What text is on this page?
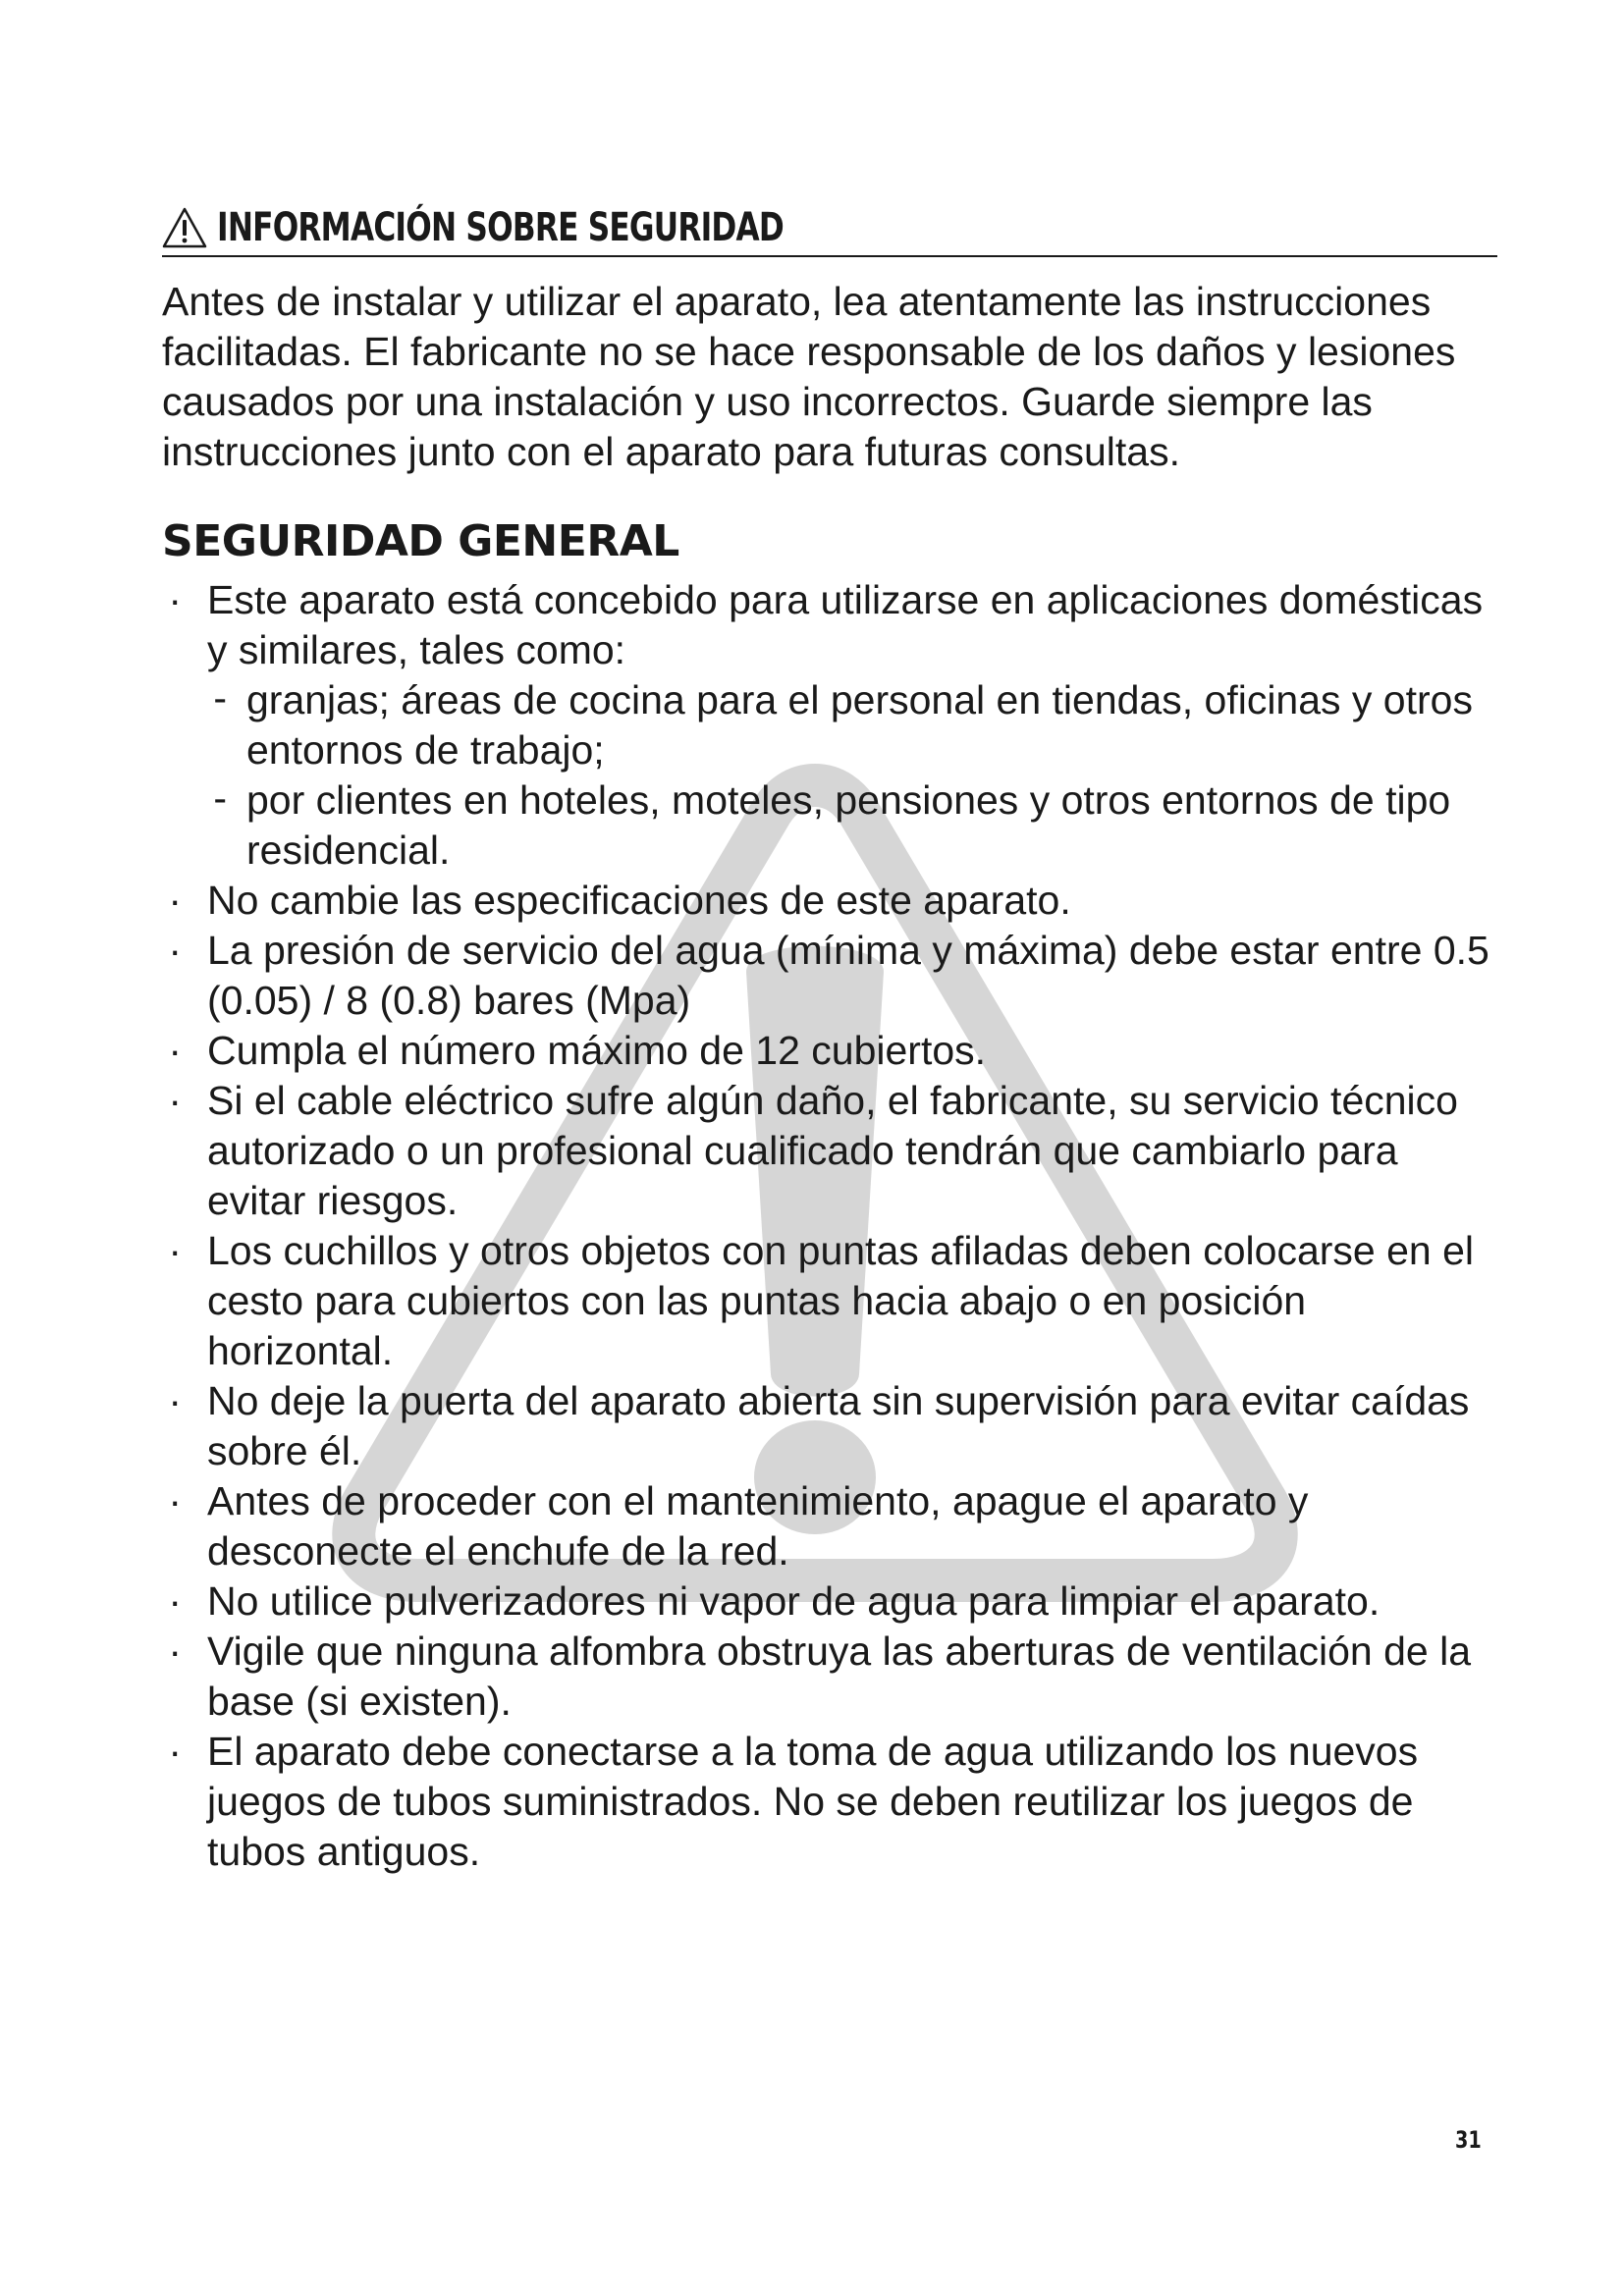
INFORMACIÓN SOBRE SEGURIDAD

Antes de instalar y utilizar el aparato, lea atentamente las instrucciones facilitadas. El fabricante no se hace responsable de los daños y lesiones causados por una instalación y uso incorrectos. Guarde siempre las instrucciones junto con el aparato para futuras consultas.

SEGURIDAD GENERAL
· Este aparato está concebido para utilizarse en aplicaciones domésticas y similares, tales como:
- granjas; áreas de cocina para el personal en tiendas, oficinas y otros entornos de trabajo;
- por clientes en hoteles, moteles, pensiones y otros entornos de tipo residencial.
· No cambie las especificaciones de este aparato.
· La presión de servicio del agua (mínima y máxima) debe estar entre 0.5 (0.05) / 8 (0.8) bares (Mpa)
· Cumpla el número máximo de 12 cubiertos.
· Si el cable eléctrico sufre algún daño, el fabricante, su servicio técnico autorizado o un profesional cualificado tendrán que cambiarlo para evitar riesgos.
· Los cuchillos y otros objetos con puntas afiladas deben colocarse en el cesto para cubiertos con las puntas hacia abajo o en posición horizontal.
· No deje la puerta del aparato abierta sin supervisión para evitar caídas sobre él.
· Antes de proceder con el mantenimiento, apague el aparato y desconecte el enchufe de la red.
· No utilice pulverizadores ni vapor de agua para limpiar el aparato.
· Vigile que ninguna alfombra obstruya las aberturas de ventilación de la base (si existen).
· El aparato debe conectarse a la toma de agua utilizando los nuevos juegos de tubos suministrados. No se deben reutilizar los juegos de tubos antiguos.
31
